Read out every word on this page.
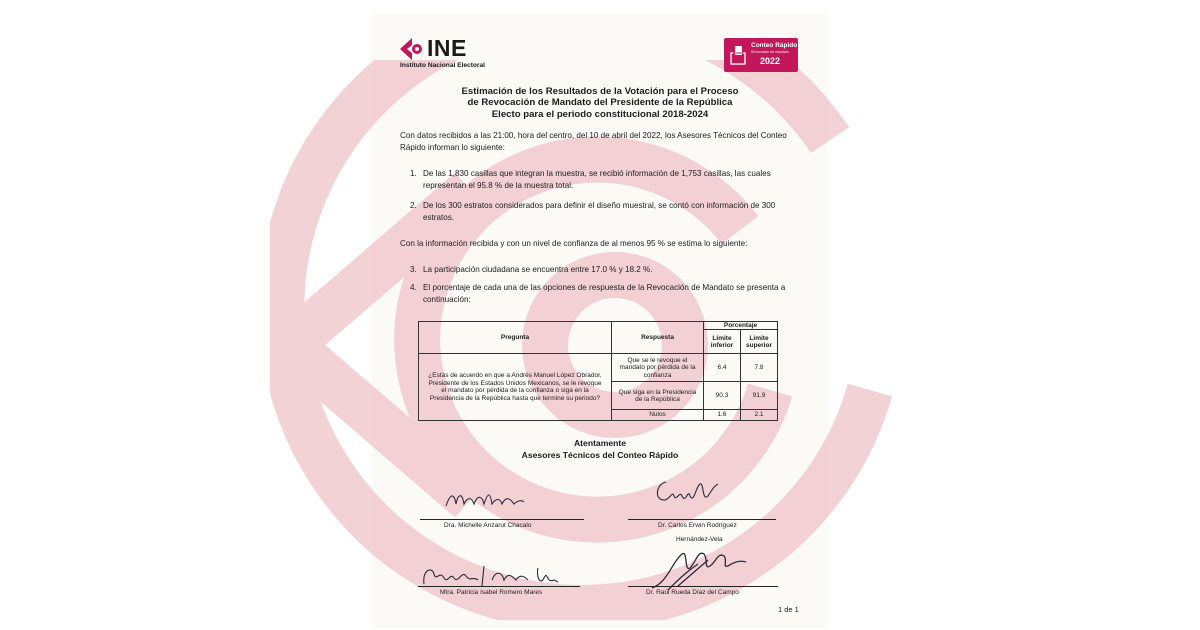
INE
Instituto Nacional Electoral
Conteo Rápido
Revocación de mandato
2022
Estimación de los Resultados de la Votación para el Proceso
de Revocación de Mandato del Presidente de la República
Electo para el periodo constitucional 2018-2024
Con datos recibidos a las 21:00, hora del centro, del 10 de abril del 2022, los Asesores Técnicos del Conteo Rápido informan lo siguiente:
1. De las 1,830 casillas que integran la muestra, se recibió información de 1,753 casillas, las cuales representan el 95.8 % de la muestra total.
2. De los 300 estratos considerados para definir el diseño muestral, se contó con información de 300 estratos.
Con la información recibida y con un nivel de confianza de al menos 95 % se estima lo siguiente:
3. La participación ciudadana se encuentra entre 17.0 % y 18.2 %.
4. El porcentaje de cada una de las opciones de respuesta de la Revocación de Mandato se presenta a continuación:
Pregunta	Respuesta	Porcentaje	
		Límite inferior	Límite superior
¿Estás de acuerdo en que a Andrés Manuel López Obrador, Presidente de los Estados Unidos Mexicanos, se le revoque el mandato por pérdida de la confianza o siga en la Presidencia de la República hasta que termine su periodo?	Que se le revoque el mandato por pérdida de la confianza	6.4	7.8
	Que siga en la Presidencia de la República	90.3	91.9
	Nulos	1.6	2.1
Atentamente
Asesores Técnicos del Conteo Rápido
Dra. Michelle Anzarut Chacalo	Dr. Carlos Erwin Rodríguez
Hernández-Vela
Mtra. Patricia Isabel Romero Mares	Dr. Raúl Rueda Díaz del Campo
1 de 1
